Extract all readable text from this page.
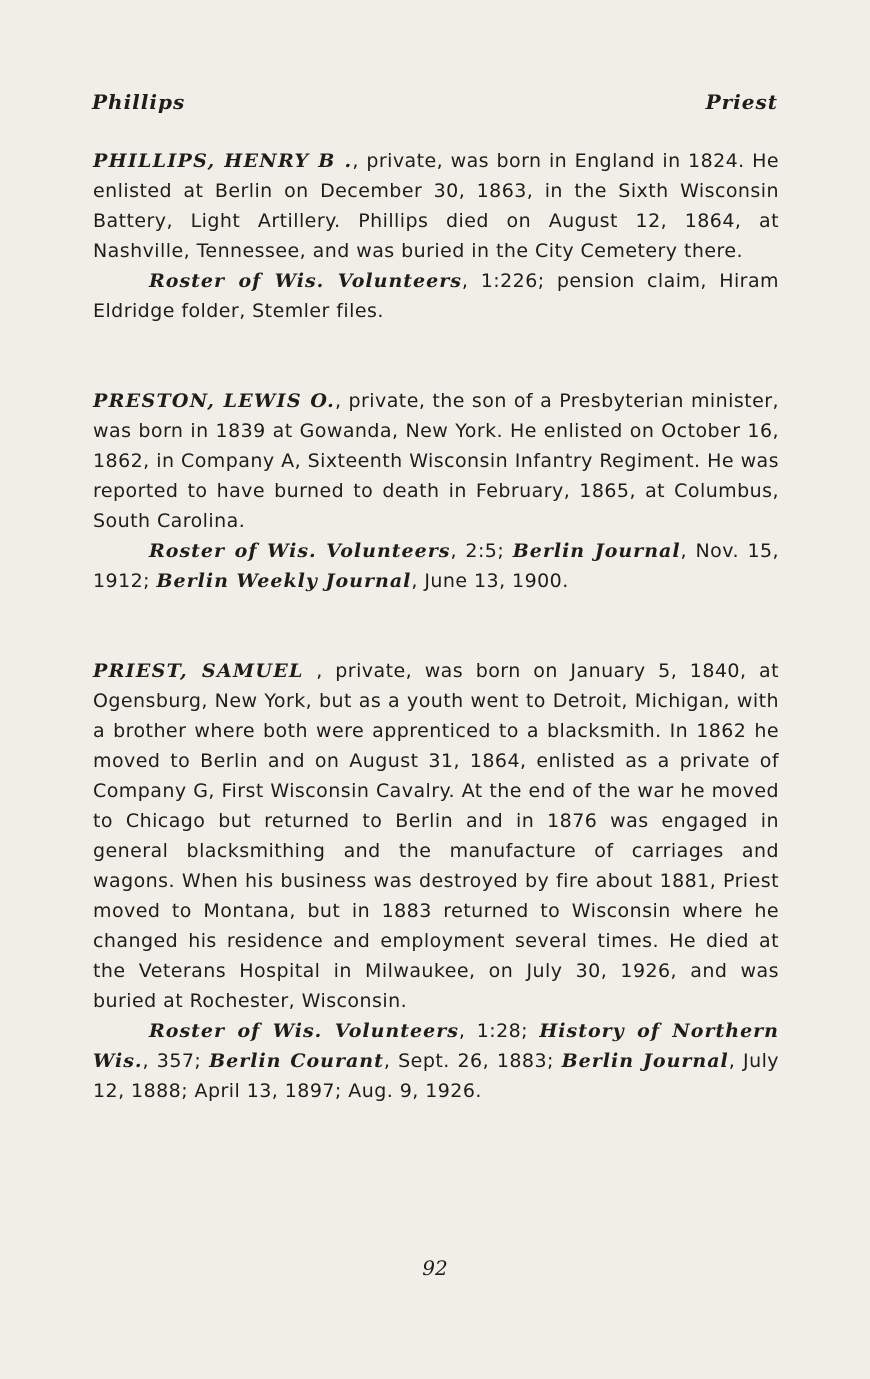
Phillips	Priest

PHILLIPS, HENRY B ., private, was born in England in 1824. He enlisted at Berlin on December 30, 1863, in the Sixth Wisconsin Battery, Light Artillery. Phillips died on August 12, 1864, at Nashville, Tennessee, and was buried in the City Cemetery there.

Roster of Wis. Volunteers, 1:226; pension claim, Hiram Eldridge folder, Stemler files.

PRESTON, LEWIS O., private, the son of a Presbyterian minister, was born in 1839 at Gowanda, New York. He enlisted on October 16, 1862, in Company A, Sixteenth Wisconsin Infantry Regiment. He was reported to have burned to death in February, 1865, at Columbus, South Carolina.

Roster of Wis. Volunteers, 2:5; Berlin Journal, Nov. 15, 1912; Berlin Weekly Journal, June 13, 1900.

PRIEST, SAMUEL , private, was born on January 5, 1840, at Ogensburg, New York, but as a youth went to Detroit, Michigan, with a brother where both were apprenticed to a blacksmith. In 1862 he moved to Berlin and on August 31, 1864, enlisted as a private of Company G, First Wisconsin Cavalry. At the end of the war he moved to Chicago but returned to Berlin and in 1876 was engaged in general blacksmithing and the manufacture of carriages and wagons. When his business was destroyed by fire about 1881, Priest moved to Montana, but in 1883 returned to Wisconsin where he changed his residence and employment several times. He died at the Veterans Hospital in Milwaukee, on July 30, 1926, and was buried at Rochester, Wisconsin.

Roster of Wis. Volunteers, 1:28; History of Northern Wis., 357; Berlin Courant, Sept. 26, 1883; Berlin Journal, July 12, 1888; April 13, 1897; Aug. 9, 1926.

92
